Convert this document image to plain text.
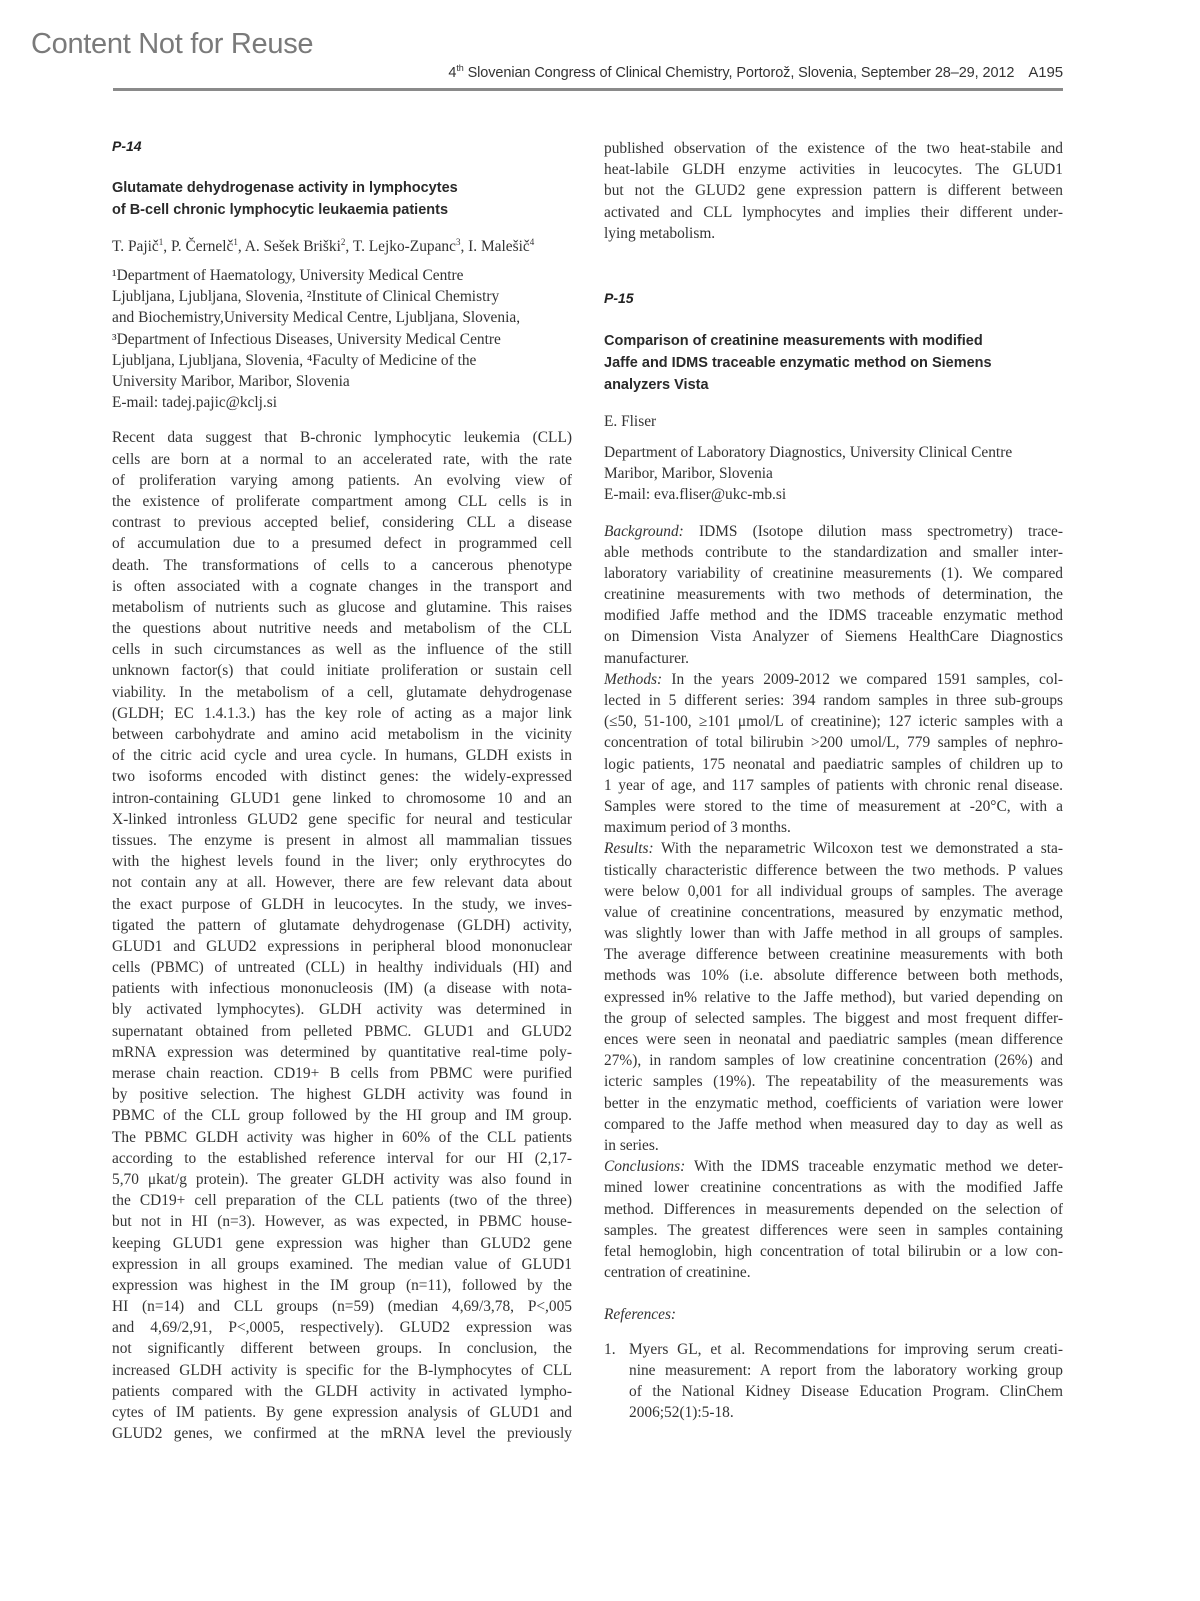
Content Not for Reuse
4th Slovenian Congress of Clinical Chemistry, Portorož, Slovenia, September 28–29, 2012 A195
P-14
Glutamate dehydrogenase activity in lymphocytes
of B-cell chronic lymphocytic leukaemia patients
T. Pajič$^1$, P. Černelč$^1$, A. Sešek Briški$^2$, T. Lejko-Zupanc$^3$, I. Malešič$^4$
¹Department of Haematology, University Medical Centre
Ljubljana, Ljubljana, Slovenia, ²Institute of Clinical Chemistry
and Biochemistry,University Medical Centre, Ljubljana, Slovenia,
³Department of Infectious Diseases, University Medical Centre
Ljubljana, Ljubljana, Slovenia, ⁴Faculty of Medicine of the
University Maribor, Maribor, Slovenia
E-mail: tadej.pajic@kclj.si
Recent data suggest that B-chronic lymphocytic leukemia (CLL)
cells are born at a normal to an accelerated rate, with the rate
of proliferation varying among patients. An evolving view of
the existence of proliferate compartment among CLL cells is in
contrast to previous accepted belief, considering CLL a disease
of accumulation due to a presumed defect in programmed cell
death. The transformations of cells to a cancerous phenotype
is often associated with a cognate changes in the transport and
metabolism of nutrients such as glucose and glutamine. This raises
the questions about nutritive needs and metabolism of the CLL
cells in such circumstances as well as the influence of the still
unknown factor(s) that could initiate proliferation or sustain cell
viability. In the metabolism of a cell, glutamate dehydrogenase
(GLDH; EC 1.4.1.3.) has the key role of acting as a major link
between carbohydrate and amino acid metabolism in the vicinity
of the citric acid cycle and urea cycle. In humans, GLDH exists in
two isoforms encoded with distinct genes: the widely-expressed
intron-containing GLUD1 gene linked to chromosome 10 and an
X-linked intronless GLUD2 gene specific for neural and testicular
tissues. The enzyme is present in almost all mammalian tissues
with the highest levels found in the liver; only erythrocytes do
not contain any at all. However, there are few relevant data about
the exact purpose of GLDH in leucocytes. In the study, we inves-
tigated the pattern of glutamate dehydrogenase (GLDH) activity,
GLUD1 and GLUD2 expressions in peripheral blood mononuclear
cells (PBMC) of untreated (CLL) in healthy individuals (HI) and
patients with infectious mononucleosis (IM) (a disease with nota-
bly activated lymphocytes). GLDH activity was determined in
supernatant obtained from pelleted PBMC. GLUD1 and GLUD2
mRNA expression was determined by quantitative real-time poly-
merase chain reaction. CD19+ B cells from PBMC were purified
by positive selection. The highest GLDH activity was found in
PBMC of the CLL group followed by the HI group and IM group.
The PBMC GLDH activity was higher in 60% of the CLL patients
according to the established reference interval for our HI (2,17-
5,70 μkat/g protein). The greater GLDH activity was also found in
the CD19+ cell preparation of the CLL patients (two of the three)
but not in HI (n=3). However, as was expected, in PBMC house-
keeping GLUD1 gene expression was higher than GLUD2 gene
expression in all groups examined. The median value of GLUD1
expression was highest in the IM group (n=11), followed by the
HI (n=14) and CLL groups (n=59) (median 4,69/3,78, P<,005
and 4,69/2,91, P<,0005, respectively). GLUD2 expression was
not significantly different between groups. In conclusion, the
increased GLDH activity is specific for the B-lymphocytes of CLL
patients compared with the GLDH activity in activated lympho-
cytes of IM patients. By gene expression analysis of GLUD1 and
GLUD2 genes, we confirmed at the mRNA level the previously
published observation of the existence of the two heat-stabile and
heat-labile GLDH enzyme activities in leucocytes. The GLUD1
but not the GLUD2 gene expression pattern is different between
activated and CLL lymphocytes and implies their different under-
lying metabolism.
P-15
Comparison of creatinine measurements with modified
Jaffe and IDMS traceable enzymatic method on Siemens
analyzers Vista
E. Fliser
Department of Laboratory Diagnostics, University Clinical Centre
Maribor, Maribor, Slovenia
E-mail: eva.fliser@ukc-mb.si
Background: IDMS (Isotope dilution mass spectrometry) trace-
able methods contribute to the standardization and smaller inter-
laboratory variability of creatinine measurements (1). We compared
creatinine measurements with two methods of determination, the
modified Jaffe method and the IDMS traceable enzymatic method
on Dimension Vista Analyzer of Siemens HealthCare Diagnostics
manufacturer.
Methods: In the years 2009-2012 we compared 1591 samples, col-
lected in 5 different series: 394 random samples in three sub-groups
(≤50, 51-100, ≥101 μmol/L of creatinine); 127 icteric samples with a
concentration of total bilirubin >200 umol/L, 779 samples of nephro-
logic patients, 175 neonatal and paediatric samples of children up to
1 year of age, and 117 samples of patients with chronic renal disease.
Samples were stored to the time of measurement at -20°C, with a
maximum period of 3 months.
Results: With the neparametric Wilcoxon test we demonstrated a sta-
tistically characteristic difference between the two methods. P values
were below 0,001 for all individual groups of samples. The average
value of creatinine concentrations, measured by enzymatic method,
was slightly lower than with Jaffe method in all groups of samples.
The average difference between creatinine measurements with both
methods was 10% (i.e. absolute difference between both methods,
expressed in% relative to the Jaffe method), but varied depending on
the group of selected samples. The biggest and most frequent differ-
ences were seen in neonatal and paediatric samples (mean difference
27%), in random samples of low creatinine concentration (26%) and
icteric samples (19%). The repeatability of the measurements was
better in the enzymatic method, coefficients of variation were lower
compared to the Jaffe method when measured day to day as well as
in series.
Conclusions: With the IDMS traceable enzymatic method we deter-
mined lower creatinine concentrations as with the modified Jaffe
method. Differences in measurements depended on the selection of
samples. The greatest differences were seen in samples containing
fetal hemoglobin, high concentration of total bilirubin or a low con-
centration of creatinine.
References:
1. Myers GL, et al. Recommendations for improving serum creati-
nine measurement: A report from the laboratory working group
of the National Kidney Disease Education Program. ClinChem
2006;52(1):5-18.
